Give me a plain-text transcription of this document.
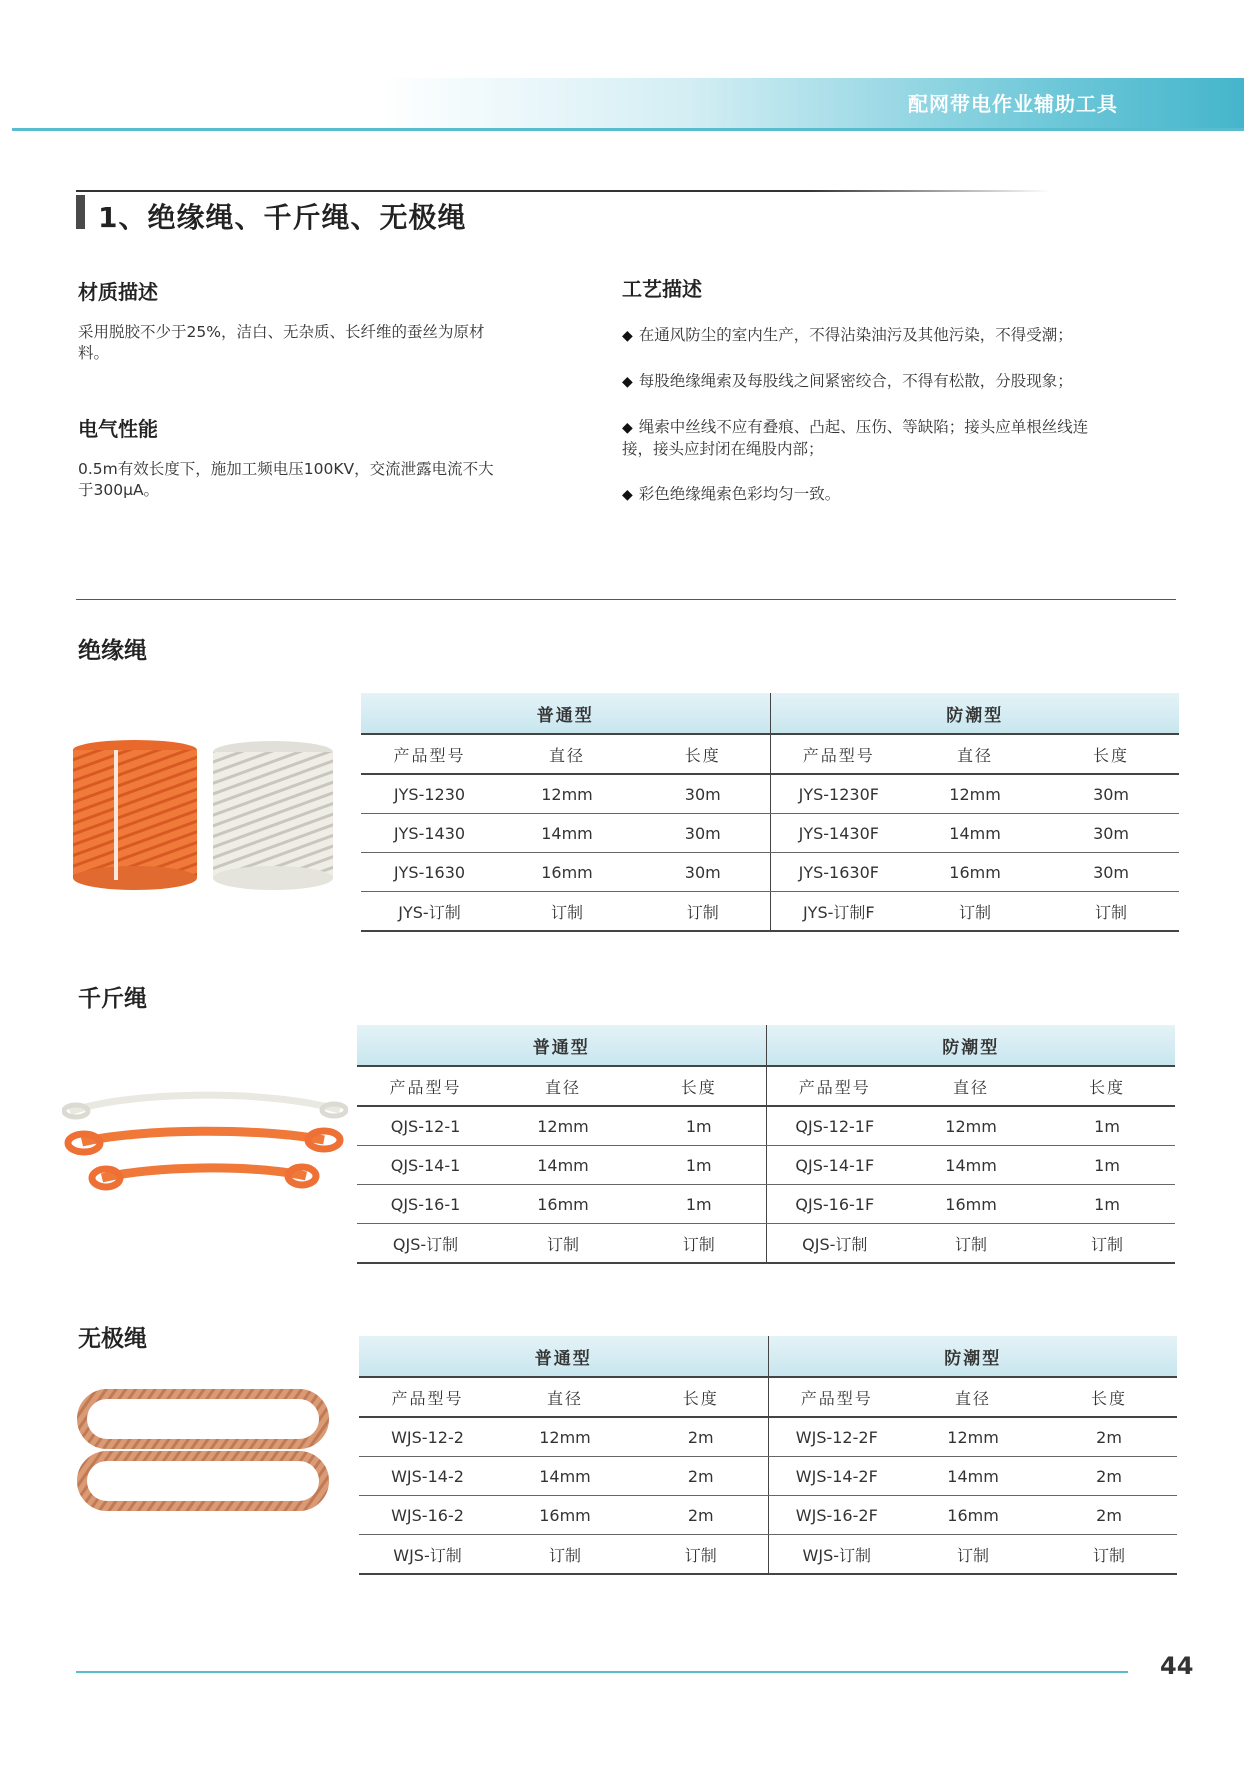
配网带电作业辅助工具
1、绝缘绳、千斤绳、无极绳
材质描述
采用脱胶不少于25%，洁白、无杂质、长纤维的蚕丝为原材
料。
电气性能
0.5m有效长度下，施加工频电压100KV，交流泄露电流不大
于300μA。
工艺描述
◆ 在通风防尘的室内生产，不得沾染油污及其他污染，不得受潮；
◆ 每股绝缘绳索及每股线之间紧密绞合，不得有松散，分股现象；
◆ 绳索中丝线不应有叠痕、凸起、压伤、等缺陷；接头应单根丝线连
接，接头应封闭在绳股内部；
◆ 彩色绝缘绳索色彩均匀一致。
绝缘绳
普通型			防潮型		
产品型号	直径	长度	产品型号	直径	长度
JYS-1230	12mm	30m	JYS-1230F	12mm	30m
JYS-1430	14mm	30m	JYS-1430F	14mm	30m
JYS-1630	16mm	30m	JYS-1630F	16mm	30m
JYS-订制	订制	订制	JYS-订制F	订制	订制
千斤绳
普通型			防潮型		
产品型号	直径	长度	产品型号	直径	长度
QJS-12-1	12mm	1m	QJS-12-1F	12mm	1m
QJS-14-1	14mm	1m	QJS-14-1F	14mm	1m
QJS-16-1	16mm	1m	QJS-16-1F	16mm	1m
QJS-订制	订制	订制	QJS-订制	订制	订制
无极绳
普通型			防潮型		
产品型号	直径	长度	产品型号	直径	长度
WJS-12-2	12mm	2m	WJS-12-2F	12mm	2m
WJS-14-2	14mm	2m	WJS-14-2F	14mm	2m
WJS-16-2	16mm	2m	WJS-16-2F	16mm	2m
WJS-订制	订制	订制	WJS-订制	订制	订制
44
